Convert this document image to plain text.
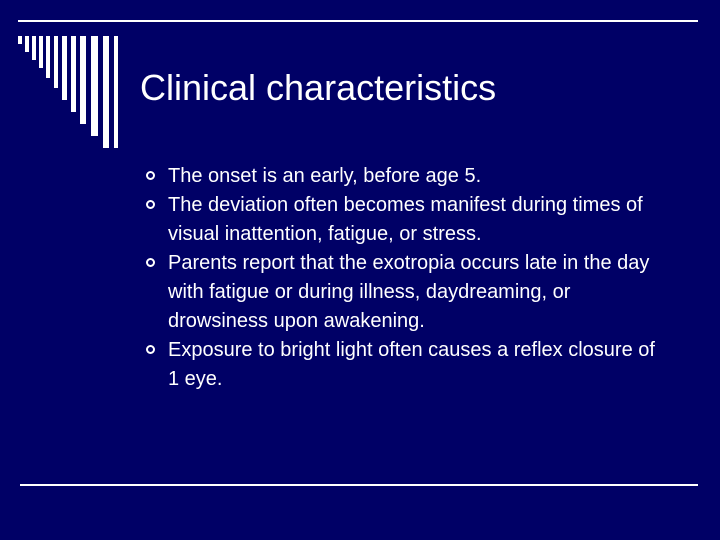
Clinical characteristics
The onset is an early, before age 5.
The deviation often becomes manifest during times of visual inattention, fatigue, or stress.
Parents report that the exotropia occurs late in the day with fatigue or during illness, daydreaming, or drowsiness upon awakening.
Exposure to bright light often causes a reflex closure of 1 eye.
